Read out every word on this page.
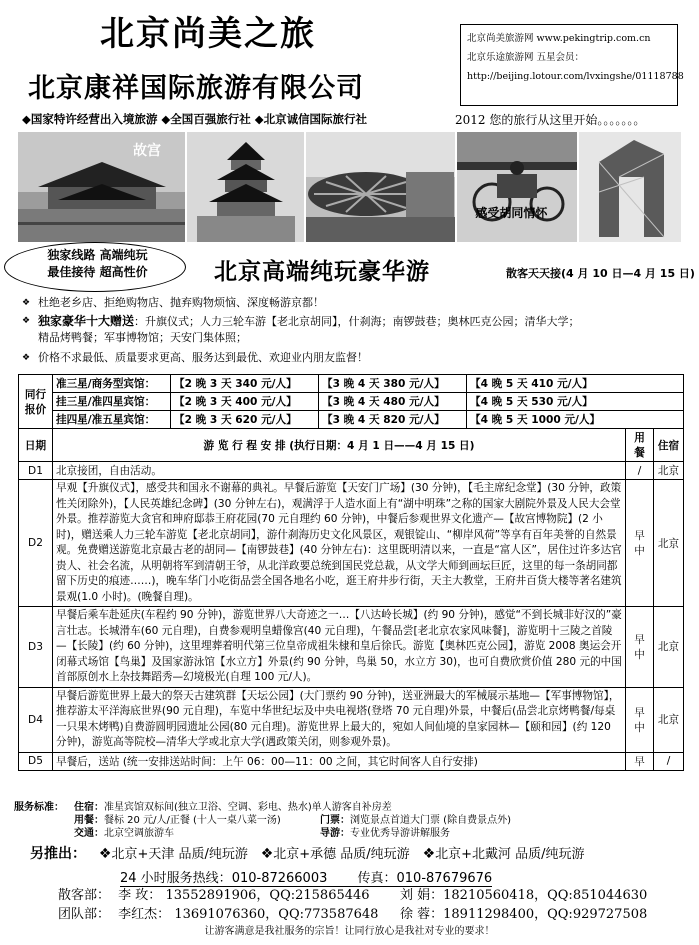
北京尚美之旅
北京康祥国际旅游有限公司
◆国家特许经营出入境旅游 ◆全国百强旅行社 ◆北京诚信国际旅行社	2012 您的旅行从这里开始。。。。。。。
北京尚美旅游网 www.pekingtrip.com.cn
北京乐途旅游网 五星会员：
http://beijing.lotour.com/lvxingshe/01118788
故宫
感受胡同情怀
独家线路 高端纯玩
最佳接待 超高性价	北京高端纯玩豪华游	散客天天接(4 月 10 日—4 月 15 日)
❖ 杜绝老乡店、拒绝购物店、抛弃购物烦恼、深度畅游京都！
❖ 独家豪华十大赠送：升旗仪式；人力三轮车游【老北京胡同】，什刹海；南锣鼓巷；奥林匹克公园；清华大学；
精品烤鸭餐；军事博物馆；天安门集体照；
❖ 价格不求最低、质量要求更高、服务达到最优、欢迎业内朋友监督！
同行报价	准三星/商务型宾馆：	【2 晚 3 天 340 元/人】	【3 晚 4 天 380 元/人】	【4 晚 5 天 410 元/人】		
	挂三星/准四星宾馆：	【2 晚 3 天 400 元/人】	【3 晚 4 天 480 元/人】	【4 晚 5 天 530 元/人】		
	挂四星/准五星宾馆：	【2 晚 3 天 620 元/人】	【3 晚 4 天 820 元/人】	【4 晚 5 天 1000 元/人】		
日期	游 览 行 程 安 排 (执行日期：4 月 1 日——4 月 15 日)				用餐	住宿
D1	北京接团，自由活动。				/	北京
D2	早观【升旗仪式】，感受共和国永不谢幕的典礼。早餐后游览【天安门广场】(30 分钟)，【毛主席纪念堂】(30 分钟，政策性关闭除外)，【人民英雄纪念碑】(30 分钟左右)，观满浮于人造水面上有“湖中明珠”之称的国家大剧院外景及人民大会堂外景。推荐游览大贪官和珅府邸恭王府花园(70 元自理约 60 分钟)，中餐后参观世界文化遗产—【故宫博物院】(2 小时)，赠送乘人力三轮车游览【老北京胡同】，游什刹海历史文化风景区，观银锭山、“柳岸风荷”等享有百年美誉的自然景观。免费赠送游览北京最古老的胡同—【南锣鼓巷】(40 分钟左右)：这里既明清以来，一直是“富人区”，居住过许多达官贵人、社会名流，从明朝将军到清朝王爷，从北洋政要总统到国民党总裁，从文学大师到画坛巨匠，这里的每一条胡同都留下历史的痕迹……)，晚车华门小吃街品尝全国各地名小吃，逛王府井步行街，天主大教堂，王府井百货大楼等著名建筑景观(1.0 小时)。(晚餐自理)。				早中	北京
D3	早餐后乘车赴延庆(车程约 90 分钟)，游览世界八大奇迹之一…【八达岭长城】(约 90 分钟)，感觉“不到长城非好汉的”豪言壮志。长城滑车(60 元自理)，自费参观明皇蜡像宫(40 元自理)，午餐品尝[老北京农家风味餐]，游览明十三陵之首陵—【长陵】(约 60 分钟)，这里埋葬着明代第三位皇帝成祖朱棣和皇后徐氏。游览【奥林匹克公园】，游览 2008 奥运会开闭幕式场馆【鸟巢】及国家游泳馆【水立方】外景(约 90 分钟，鸟巢 50，水立方 30)，也可自费欣赏价值 280 元的中国首部原创水上杂技舞蹈秀—幻境极光(自理 100 元/人)。				早中	北京
D4	早餐后游览世界上最大的祭天古建筑群【天坛公园】(大门票约 90 分钟)，送亚洲最大的军械展示基地—【军事博物馆】，推荐游太平洋海底世界(90 元自理)，车览中华世纪坛及中央电视塔(登塔 70 元自理)外景，中餐后(品尝北京烤鸭餐/每桌一只果木烤鸭)自费游圆明园遗址公园(80 元自理)。游览世界上最大的，宛如人间仙境的皇家园林—【颐和园】(约 120 分钟)，游览高等院校—清华大学或北京大学(遇政策关闭，则参观外景)。				早中	北京
D5	早餐后，送站 (统一安排送站时间：上午 06：00—11：00 之间，其它时间客人自行安排)				早	/
服务标准： 住宿：准星宾馆双标间(独立卫浴、空调、彩电、热水)单人游客自补房差
用餐：餐标 20 元/人/正餐 (十人一桌八菜一汤)	门票：浏览景点首道大门票 (除自费景点外)
交通：北京空调旅游车	导游：专业优秀导游讲解服务
另推出： ❖北京+天津 品质/纯玩游 ❖北京+承德 品质/纯玩游 ❖北京+北戴河 品质/纯玩游
24 小时服务热线：010-87266003 传真：010-87679676
散客部： 李 玫： 13552891906，QQ:215865446 刘 娟：18210560418，QQ:851044630
团队部： 李红杰： 13691076360，QQ:773587648 徐 蓉：18911298400，QQ:929727508
让游客满意是我社服务的宗旨！让同行放心是我社对专业的要求！
